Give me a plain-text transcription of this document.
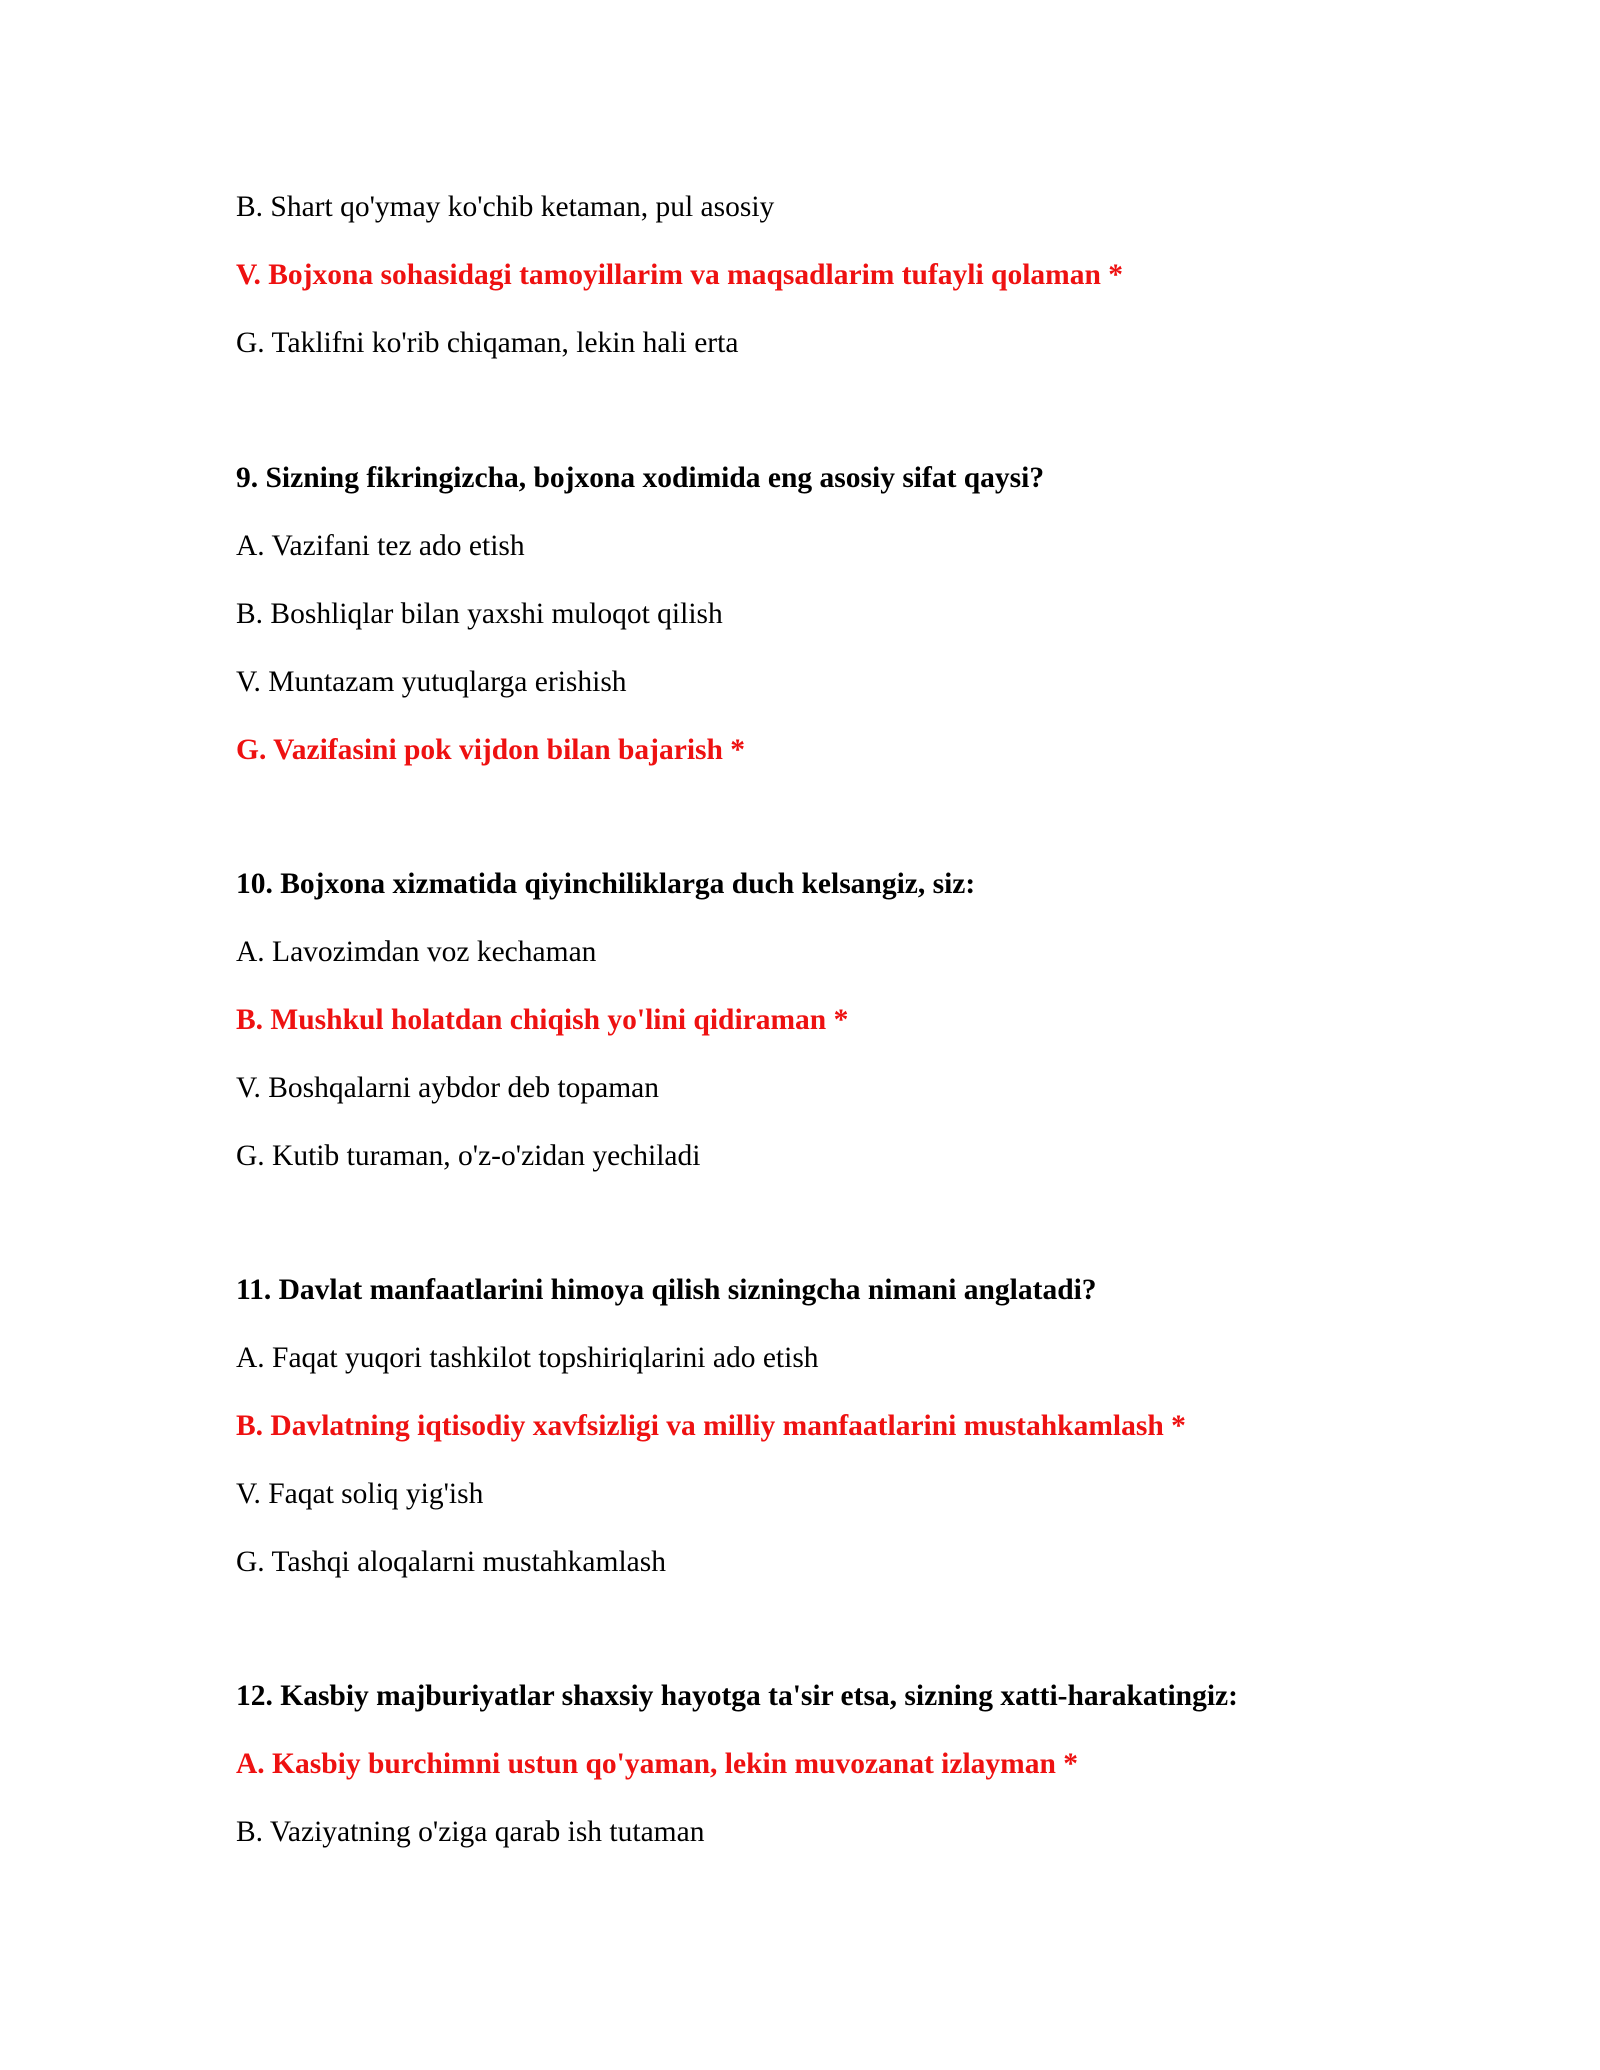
B. Shart qo'ymay ko'chib ketaman, pul asosiy
V. Bojxona sohasidagi tamoyillarim va maqsadlarim tufayli qolaman *
G. Taklifni ko'rib chiqaman, lekin hali erta
9. Sizning fikringizcha, bojxona xodimida eng asosiy sifat qaysi?
A. Vazifani tez ado etish
B. Boshliqlar bilan yaxshi muloqot qilish
V. Muntazam yutuqlarga erishish
G. Vazifasini pok vijdon bilan bajarish *
10. Bojxona xizmatida qiyinchiliklarga duch kelsangiz, siz:
A. Lavozimdan voz kechaman
B. Mushkul holatdan chiqish yo'lini qidiraman *
V. Boshqalarni aybdor deb topaman
G. Kutib turaman, o'z-o'zidan yechiladi
11. Davlat manfaatlarini himoya qilish sizningcha nimani anglatadi?
A. Faqat yuqori tashkilot topshiriqlarini ado etish
B. Davlatning iqtisodiy xavfsizligi va milliy manfaatlarini mustahkamlash *
V. Faqat soliq yig'ish
G. Tashqi aloqalarni mustahkamlash
12. Kasbiy majburiyatlar shaxsiy hayotga ta'sir etsa, sizning xatti-harakatingiz:
A. Kasbiy burchimni ustun qo'yaman, lekin muvozanat izlayman *
B. Vaziyatning o'ziga qarab ish tutaman
